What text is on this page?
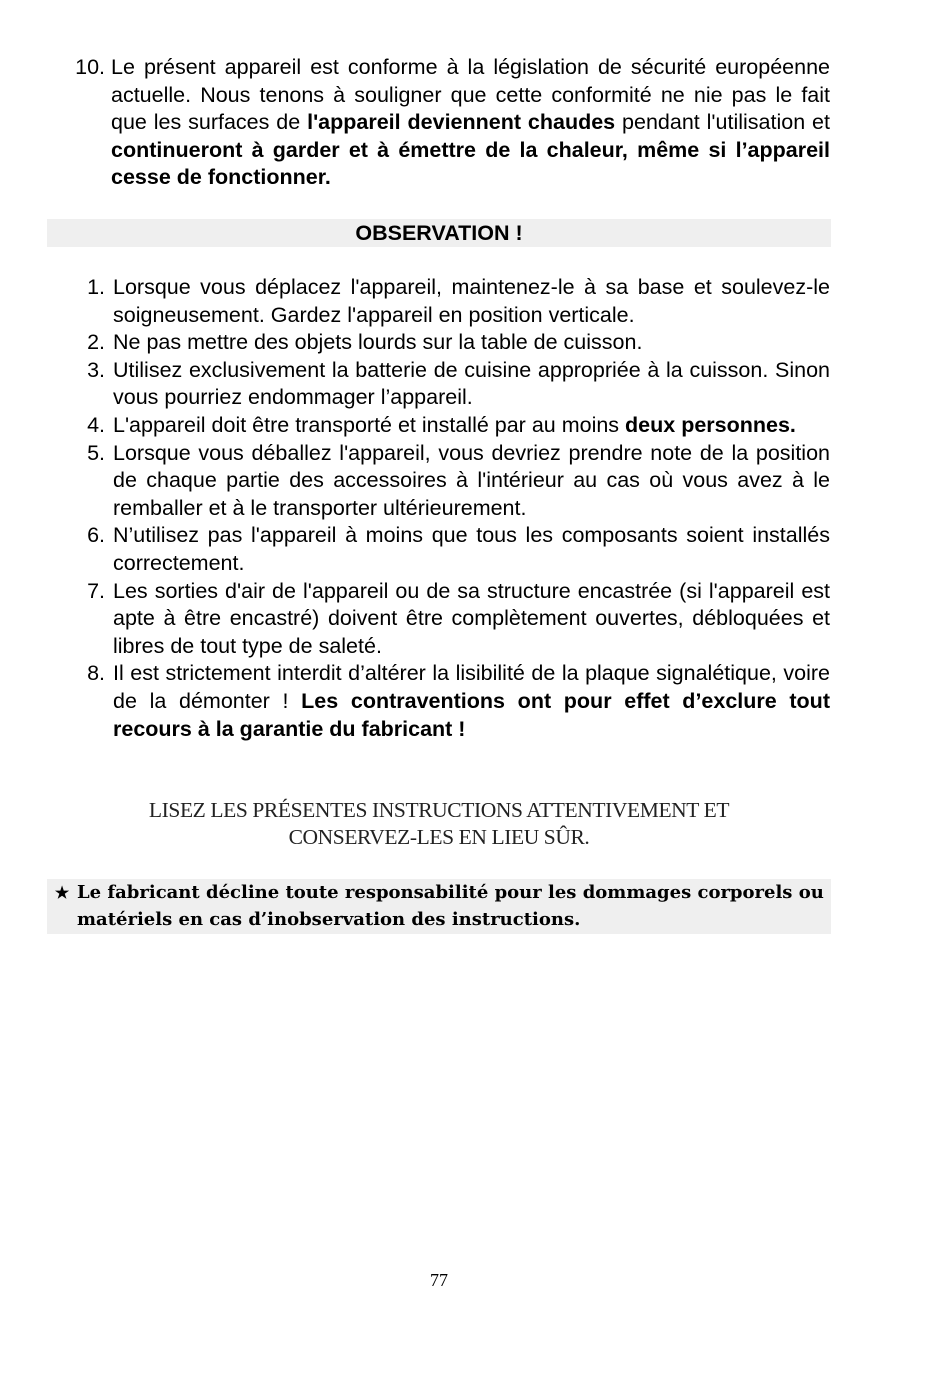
10. Le présent appareil est conforme à la législation de sécurité européenne actuelle. Nous tenons à souligner que cette conformité ne nie pas le fait que les surfaces de l'appareil deviennent chaudes pendant l'utilisation et continueront à garder et à émettre de la chaleur, même si l’appareil cesse de fonctionner.
OBSERVATION !
1. Lorsque vous déplacez l'appareil, maintenez-le à sa base et soulevez-le soigneusement. Gardez l'appareil en position verticale.
2. Ne pas mettre des objets lourds sur la table de cuisson.
3. Utilisez exclusivement la batterie de cuisine appropriée à la cuisson. Sinon vous pourriez endommager l’appareil.
4. L'appareil doit être transporté et installé par au moins deux personnes.
5. Lorsque vous déballez l'appareil, vous devriez prendre note de la position de chaque partie des accessoires à l'intérieur au cas où vous avez à le remballer et à le transporter ultérieurement.
6. N’utilisez pas l'appareil à moins que tous les composants soient installés correctement.
7. Les sorties d'air de l'appareil ou de sa structure encastrée (si l'appareil est apte à être encastré) doivent être complètement ouvertes, débloquées et libres de tout type de saleté.
8. Il est strictement interdit d’altérer la lisibilité de la plaque signalétique, voire de la démonter ! Les contraventions ont pour effet d’exclure tout recours à la garantie du fabricant !
LISEZ LES PRÉSENTES INSTRUCTIONS ATTENTIVEMENT ET
CONSERVEZ-LES EN LIEU SÛR.
★ Le fabricant décline toute responsabilité pour les dommages corporels ou matériels en cas d’inobservation des instructions.
77
